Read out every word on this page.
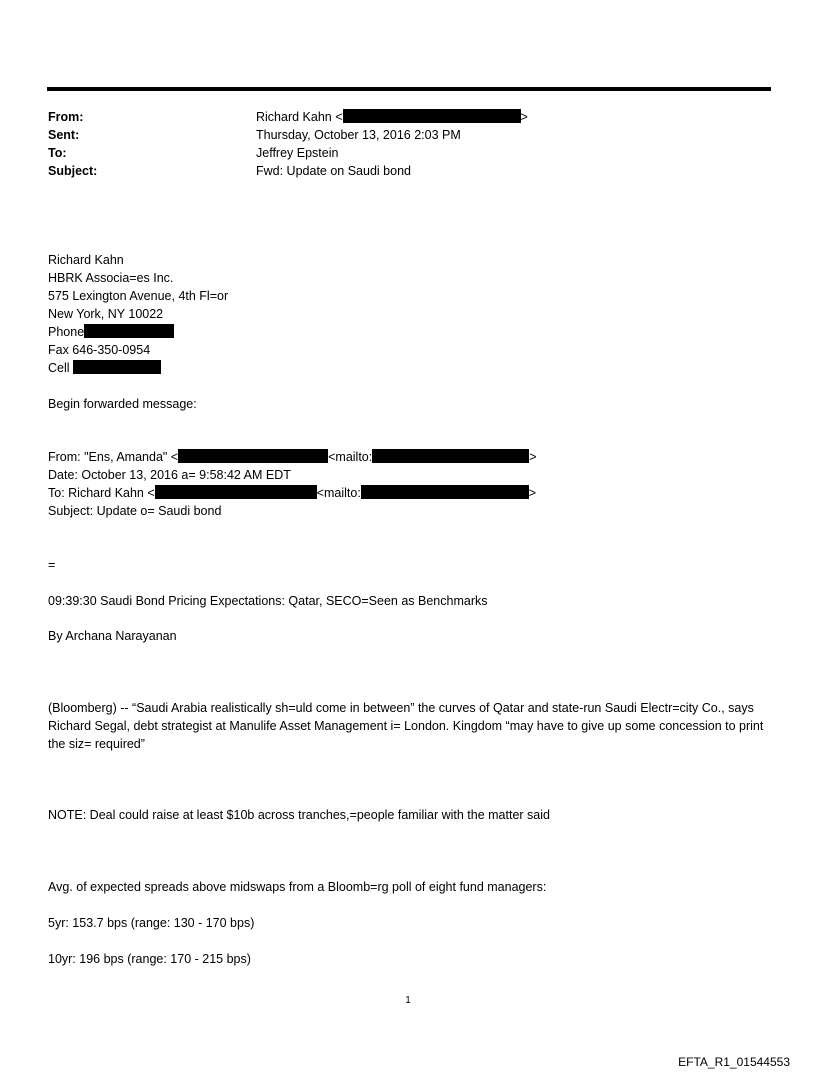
From:	Richard Kahn <	>
Sent:	Thursday, October 13, 2016 2:03 PM
To:	Jeffrey Epstein
Subject:	Fwd: Update on Saudi bond
Richard Kahn
HBRK Associa=es Inc.
575 Lexington Avenue, 4th Fl=or
New York, NY 10022
Phone
Fax 646-350-0954
Cell
Begin forwarded message:
From: "Ens, Amanda" <	<mailto:	>
Date: October 13, 2016 a= 9:58:42 AM EDT
To: Richard Kahn <	<mailto:	>
Subject: Update o= Saudi bond
=
09:39:30 Saudi Bond Pricing Expectations: Qatar, SECO=Seen as Benchmarks
By Archana Narayanan
(Bloomberg) -- “Saudi Arabia realistically sh=uld come in between” the curves of Qatar and state-run Saudi Electr=city Co., says Richard Segal, debt strategist at Manulife Asset Management i= London. Kingdom “may have to give up some concession to print the siz= required”
NOTE: Deal could raise at least $10b across tranches,=people familiar with the matter said
Avg. of expected spreads above midswaps from a Bloomb=rg poll of eight fund managers:
5yr: 153.7 bps (range: 130 - 170 bps)
10yr: 196 bps (range: 170 - 215 bps)
1
EFTA_R1_01544553
